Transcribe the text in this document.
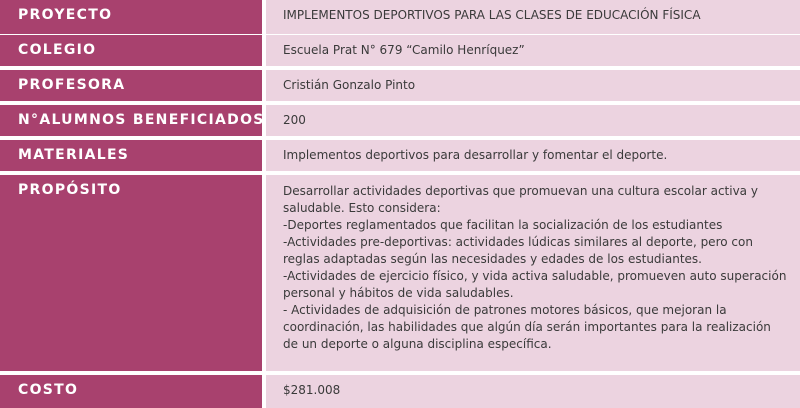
PROYECTO	IMPLEMENTOS DEPORTIVOS PARA LAS CLASES DE EDUCACIÓN FÍSICA
COLEGIO	Escuela Prat N° 679 “Camilo Henríquez”
PROFESORA	Cristián Gonzalo Pinto
N°ALUMNOS BENEFICIADOS	200
MATERIALES	Implementos deportivos para desarrollar y fomentar el deporte.
PROPÓSITO	Desarrollar actividades deportivas que promuevan una cultura escolar activa y
saludable. Esto considera:
-Deportes reglamentados que facilitan la socialización de los estudiantes
-Actividades pre-deportivas: actividades lúdicas similares al deporte, pero con
reglas adaptadas según las necesidades y edades de los estudiantes.
-Actividades de ejercicio físico, y vida activa saludable, promueven auto superación
personal y hábitos de vida saludables.
- Actividades de adquisición de patrones motores básicos, que mejoran la
coordinación, las habilidades que algún día serán importantes para la realización
de un deporte o alguna disciplina específica.
COSTO	$281.008
